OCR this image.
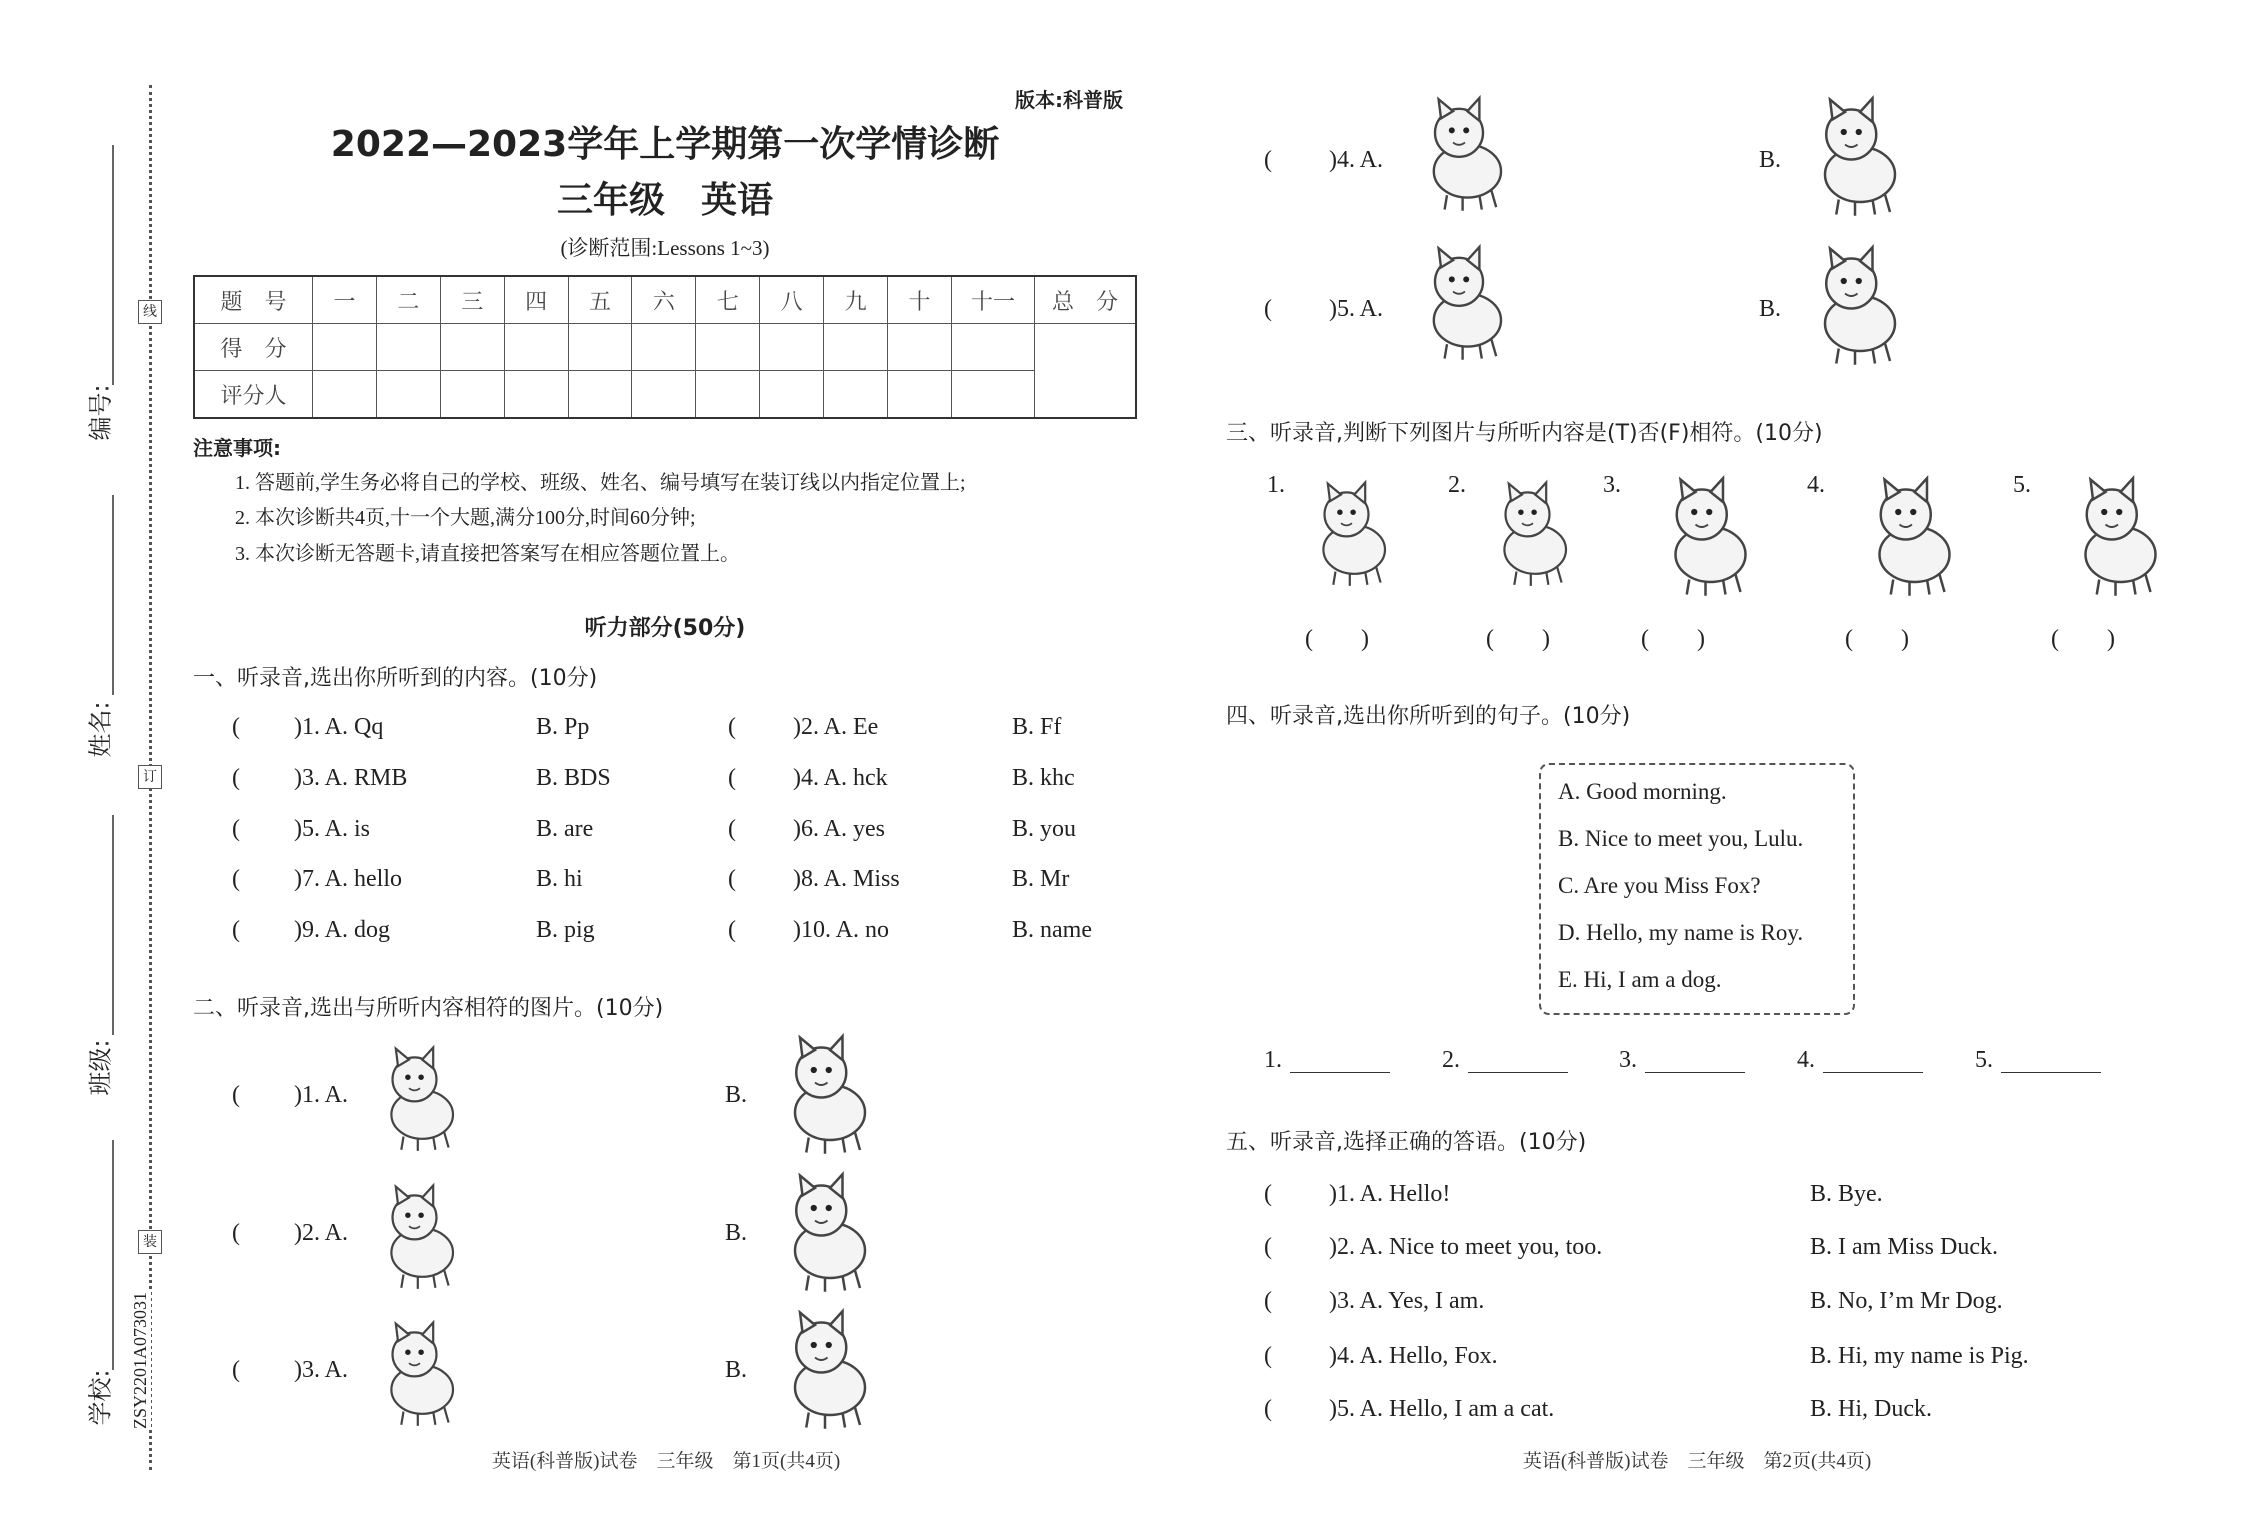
编号:
姓名:
班级:
学校:
线
订
装
ZSY2201A073031
版本:科普版
2022—2023学年上学期第一次学情诊断
三年级　英语
(诊断范围:Lessons 1~3)
题　号	一	二	三	四	五	六	七	八	九	十	十一	总　分
得　分												
评分人												
注意事项:
1. 答题前,学生务必将自己的学校、班级、姓名、编号填写在装订线以内指定位置上;
2. 本次诊断共4页,十一个大题,满分100分,时间60分钟;
3. 本次诊断无答题卡,请直接把答案写在相应答题位置上。
听力部分(50分)
一、听录音,选出你所听到的内容。(10分)
( )1. A. Qq	B. Pp	( )2. A. Ee	B. Ff
( )3. A. RMB	B. BDS	( )4. A. hck	B. khc
( )5. A. is	B. are	( )6. A. yes	B. you
( )7. A. hello	B. hi	( )8. A. Miss	B. Mr
( )9. A. dog	B. pig	( )10. A. no	B. name
二、听录音,选出与所听内容相符的图片。(10分)
( )1. A.	B.
( )2. A.	B.
( )3. A.	B.
英语(科普版)试卷　三年级　第1页(共4页)
( )4. A.	B.
( )5. A.	B.
三、听录音,判断下列图片与所听内容是(T)否(F)相符。(10分)
1.
(　　)
2.
(　　)
3.
(　　)
4.
(　　)
5.
(　　)
四、听录音,选出你所听到的句子。(10分)
A. Good morning.
B. Nice to meet you, Lulu.
C. Are you Miss Fox?
D. Hello, my name is Roy.
E. Hi, I am a dog.
1.	2.	3.	4.	5.
五、听录音,选择正确的答语。(10分)
( )1. A. Hello!	B. Bye.
( )2. A. Nice to meet you, too.	B. I am Miss Duck.
( )3. A. Yes, I am.	B. No, I’m Mr Dog.
( )4. A. Hello, Fox.	B. Hi, my name is Pig.
( )5. A. Hello, I am a cat.	B. Hi, Duck.
英语(科普版)试卷　三年级　第2页(共4页)
